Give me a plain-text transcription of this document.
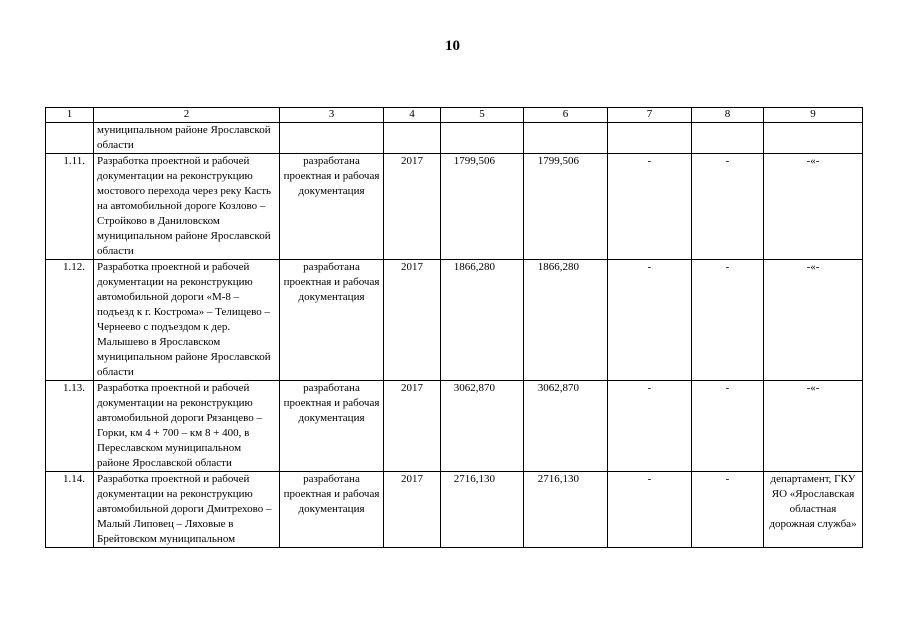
10
1	2	3	4	5	6	7	8	9
	муниципальном районе Ярославской области							
1.11.	Разработка проектной и рабочей документации на реконструкцию мостового перехода через реку Касть на автомобильной дороге Козлово – Стройково в Даниловском муниципальном районе Ярославской области	разработана проектная и рабочая документация	2017	1799,506	1799,506	-	-	-«-
1.12.	Разработка проектной и рабочей документации на реконструкцию автомобильной дороги «М-8 – подъезд к г. Кострома» – Телищево – Чернеево с подъездом к дер. Малышево в Ярославском муниципальном районе Ярославской области	разработана проектная и рабочая документация	2017	1866,280	1866,280	-	-	-«-
1.13.	Разработка проектной и рабочей документации на реконструкцию автомобильной дороги Рязанцево – Горки, км 4 + 700 – км 8 + 400, в Переславском муниципальном районе Ярославской области	разработана проектная и рабочая документация	2017	3062,870	3062,870	-	-	-«-
1.14.	Разработка проектной и рабочей документации на реконструкцию автомобильной дороги Дмитрехово – Малый Липовец – Ляховые в Брейтовском муниципальном	разработана проектная и рабочая документация	2017	2716,130	2716,130	-	-	департамент, ГКУ ЯО «Ярославская областная дорожная служба»
